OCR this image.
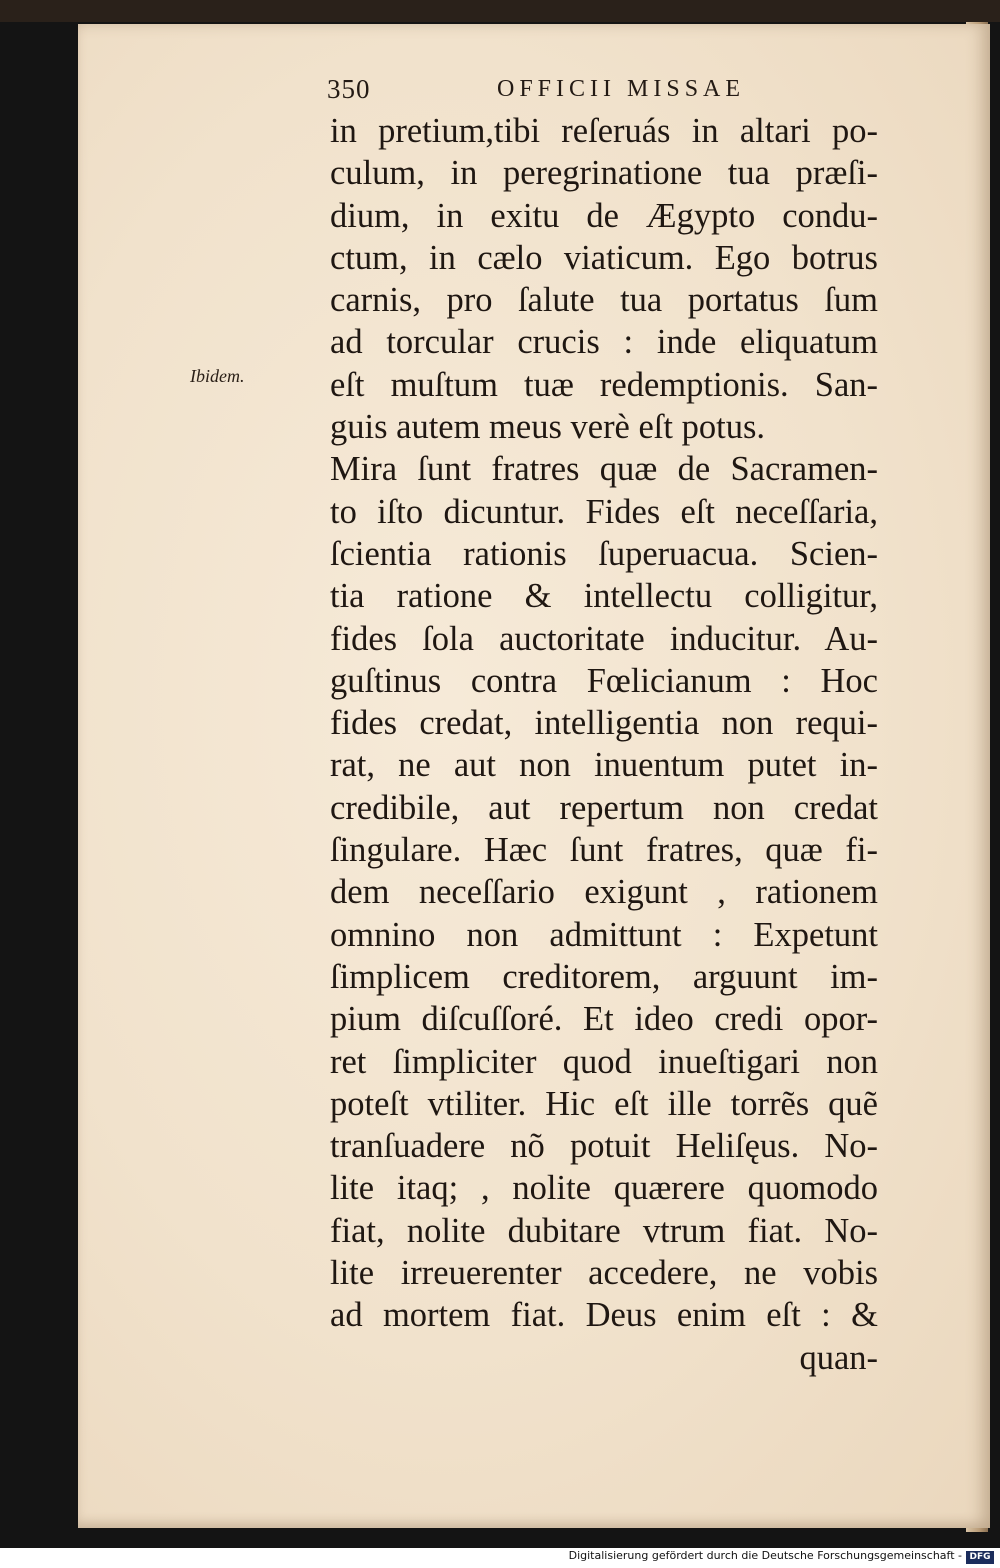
350	OFFICII MISSAE
Ibidem.
in pretium,tibi reſeruás in altari po-
culum, in peregrinatione tua præſi-
dium, in exitu de Ægypto condu-
ctum, in cælo viaticum. Ego botrus
carnis, pro ſalute tua portatus ſum
ad torcular crucis : inde eliquatum
eſt muſtum tuæ redemptionis. San-
guis autem meus verè eſt potus.
Mira ſunt fratres quæ de Sacramen-
to iſto dicuntur. Fides eſt neceſſaria,
ſcientia rationis ſuperuacua. Scien-
tia ratione & intellectu colligitur,
fides ſola auctoritate inducitur. Au-
guſtinus contra Fœlicianum : Hoc
fides credat, intelligentia non requi-
rat, ne aut non inuentum putet in-
credibile, aut repertum non credat
ſingulare. Hæc ſunt fratres, quæ fi-
dem neceſſario exigunt , rationem
omnino non admittunt : Expetunt
ſimplicem creditorem, arguunt im-
pium diſcuſſoré. Et ideo credi opor-
ret ſimpliciter quod inueſtigari non
poteſt vtiliter. Hic eſt ille torrẽs quẽ
tranſuadere nõ potuit Heliſęus. No-
lite itaq; , nolite quærere quomodo
fiat, nolite dubitare vtrum fiat. No-
lite irreuerenter accedere, ne vobis
ad mortem fiat. Deus enim eſt : &
quan-
Digitalisierung gefördert durch die Deutsche Forschungsgemeinschaft - DFG
